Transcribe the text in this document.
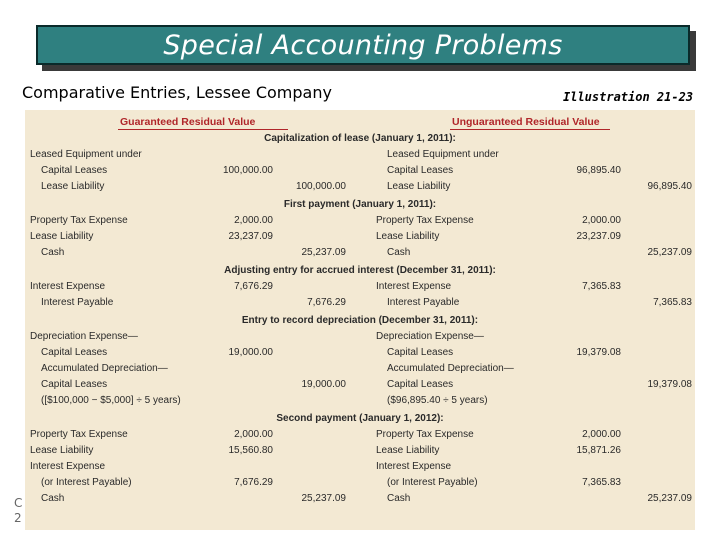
Special Accounting Problems
Comparative Entries, Lessee Company	Illustration 21-23
C
2
Guaranteed Residual Value	Unguaranteed Residual Value
Capitalization of lease (January 1, 2011):
Leased Equipment under	Leased Equipment under
Capital Leases	100,000.00	Capital Leases	96,895.40
Lease Liability	100,000.00	Lease Liability	96,895.40
First payment (January 1, 2011):
Property Tax Expense	2,000.00	Property Tax Expense	2,000.00
Lease Liability	23,237.09	Lease Liability	23,237.09
Cash	25,237.09	Cash	25,237.09
Adjusting entry for accrued interest (December 31, 2011):
Interest Expense	7,676.29	Interest Expense	7,365.83
Interest Payable	7,676.29	Interest Payable	7,365.83
Entry to record depreciation (December 31, 2011):
Depreciation Expense—	Depreciation Expense—
Capital Leases	19,000.00	Capital Leases	19,379.08
Accumulated Depreciation—	Accumulated Depreciation—
Capital Leases	19,000.00	Capital Leases	19,379.08
([$100,000 − $5,000] ÷ 5 years)	($96,895.40 ÷ 5 years)
Second payment (January 1, 2012):
Property Tax Expense	2,000.00	Property Tax Expense	2,000.00
Lease Liability	15,560.80	Lease Liability	15,871.26
Interest Expense	Interest Expense
(or Interest Payable)	7,676.29	(or Interest Payable)	7,365.83
Cash	25,237.09	Cash	25,237.09
